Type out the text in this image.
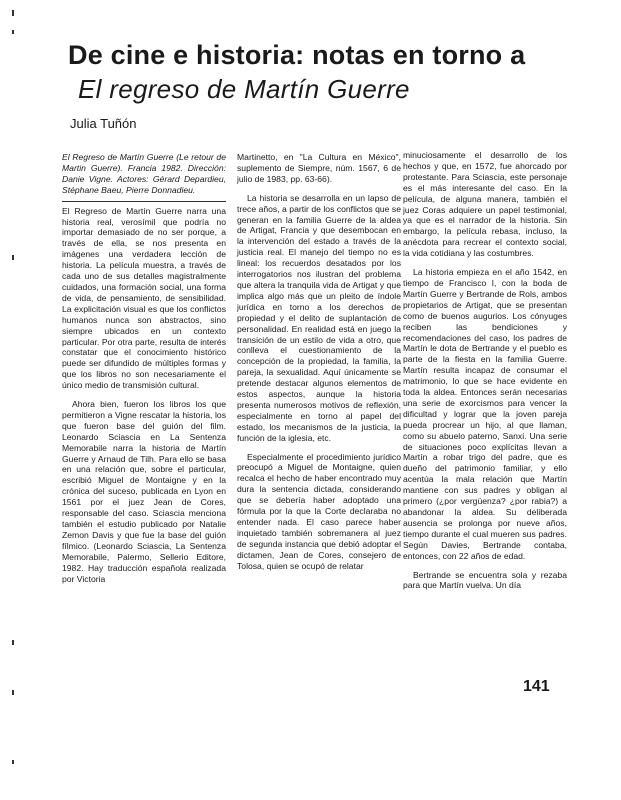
De cine e historia: notas en torno a
El regreso de Martín Guerre
Julia Tuñón

El Regreso de Martín Guerre (Le retour de Martin Guerre). Francia 1982. Dirección: Danie Vigne. Actores: Gérard Depardieu, Stéphane Baeu, Pierre Donnadieu.

El Regreso de Martín Guerre narra una historia real, verosímil que podría no importar demasiado de no ser porque, a través de ella, se nos presenta en imágenes una verdadera lección de historia. La película muestra, a través de cada uno de sus detalles magistralmente cuidados, una formación social, una forma de vida, de pensamiento, de sensibilidad. La explicitación visual es que los conflictos humanos nunca son abstractos, sino siempre ubicados en un contexto particular. Por otra parte, resulta de interés constatar que el conocimiento histórico puede ser difundido de múltiples formas y que los libros no son necesariamente el único medio de transmisión cultural.

Ahora bien, fueron los libros los que permitieron a Vigne rescatar la historia, los que fueron base del guión del film. Leonardo Sciascia en La Sentenza Memorabile narra la historia de Martín Guerre y Arnaud de Tilh. Para ello se basa en una relación que, sobre el particular, escribió Miguel de Montaigne y en la crónica del suceso, publicada en Lyon en 1561 por el juez Jean de Cores, responsable del caso. Sciascia menciona también el estudio publicado por Natalie Zemon Davis y que fue la base del guión fílmico. (Leonardo Sciascia, La Sentenza Memorabile, Palermo, Sellerio Editore, 1982. Hay traducción española realizada por Victoria

Martinetto, en "La Cultura en México", suplemento de Siempre, núm. 1567, 6 de julio de 1983, pp. 63-66).

La historia se desarrolla en un lapso de trece años, a partir de los conflictos que se generan en la familia Guerre de la aldea de Artigat, Francia y que desembocan en la intervención del estado a través de la justicia real. El manejo del tiempo no es lineal: los recuerdos desatados por los interrogatorios nos ilustran del problema que altera la tranquila vida de Artigat y que implica algo más que un pleito de índole jurídica en torno a los derechos de propiedad y el delito de suplantación de personalidad. En realidad está en juego la transición de un estilo de vida a otro, que conlleva el cuestionamiento de la concepción de la propiedad, la familia, la pareja, la sexualidad. Aquí únicamente se pretende destacar algunos elementos de estos aspectos, aunque la historia presenta numerosos motivos de reflexión, especialmente en torno al papel del estado, los mecanismos de la justicia, la función de la iglesia, etc.

Especialmente el procedimiento jurídico preocupó a Miguel de Montaigne, quien recalca el hecho de haber encontrado muy dura la sentencia dictada, considerando que se debería haber adoptado una fórmula por la que la Corte declaraba no entender nada. El caso parece haber inquietado también sobremanera al juez de segunda instancia que debió adoptar el dictamen, Jean de Cores, consejero de Tolosa, quien se ocupó de relatar

minuciosamente el desarrollo de los hechos y que, en 1572, fue ahorcado por protestante. Para Sciascia, este personaje es el más interesante del caso. En la película, de alguna manera, también el juez Coras adquiere un papel testimonial, ya que es el narrador de la historia. Sin embargo, la película rebasa, incluso, la anécdota para recrear el contexto social, la vida cotidiana y las costumbres.

La historia empieza en el año 1542, en tiempo de Francisco I, con la boda de Martín Guerre y Bertrande de Rols, ambos propietarios de Artigat, que se presentan como de buenos augurios. Los cónyuges reciben las bendiciones y recomendaciones del caso, los padres de Martín le dota de Bertrande y el pueblo es parte de la fiesta en la familia Guerre. Martín resulta incapaz de consumar el matrimonio, lo que se hace evidente en toda la aldea. Entonces serán necesarias una serie de exorcismos para vencer la dificultad y lograr que la joven pareja pueda procrear un hijo, al que llaman, como su abuelo paterno, Sanxi. Una serie de situaciones poco explícitas llevan a Martín a robar trigo del padre, que es dueño del patrimonio familiar, y ello acentúa la mala relación que Martín mantiene con sus padres y obligan al primero (¿por vergüenza? ¿por rabia?) a abandonar la aldea. Su deliberada ausencia se prolonga por nueve años, tiempo durante el cual mueren sus padres. Según Davies, Bertrande contaba, entonces, con 22 años de edad.

Bertrande se encuentra sola y rezaba para que Martín vuelva. Un día

141
